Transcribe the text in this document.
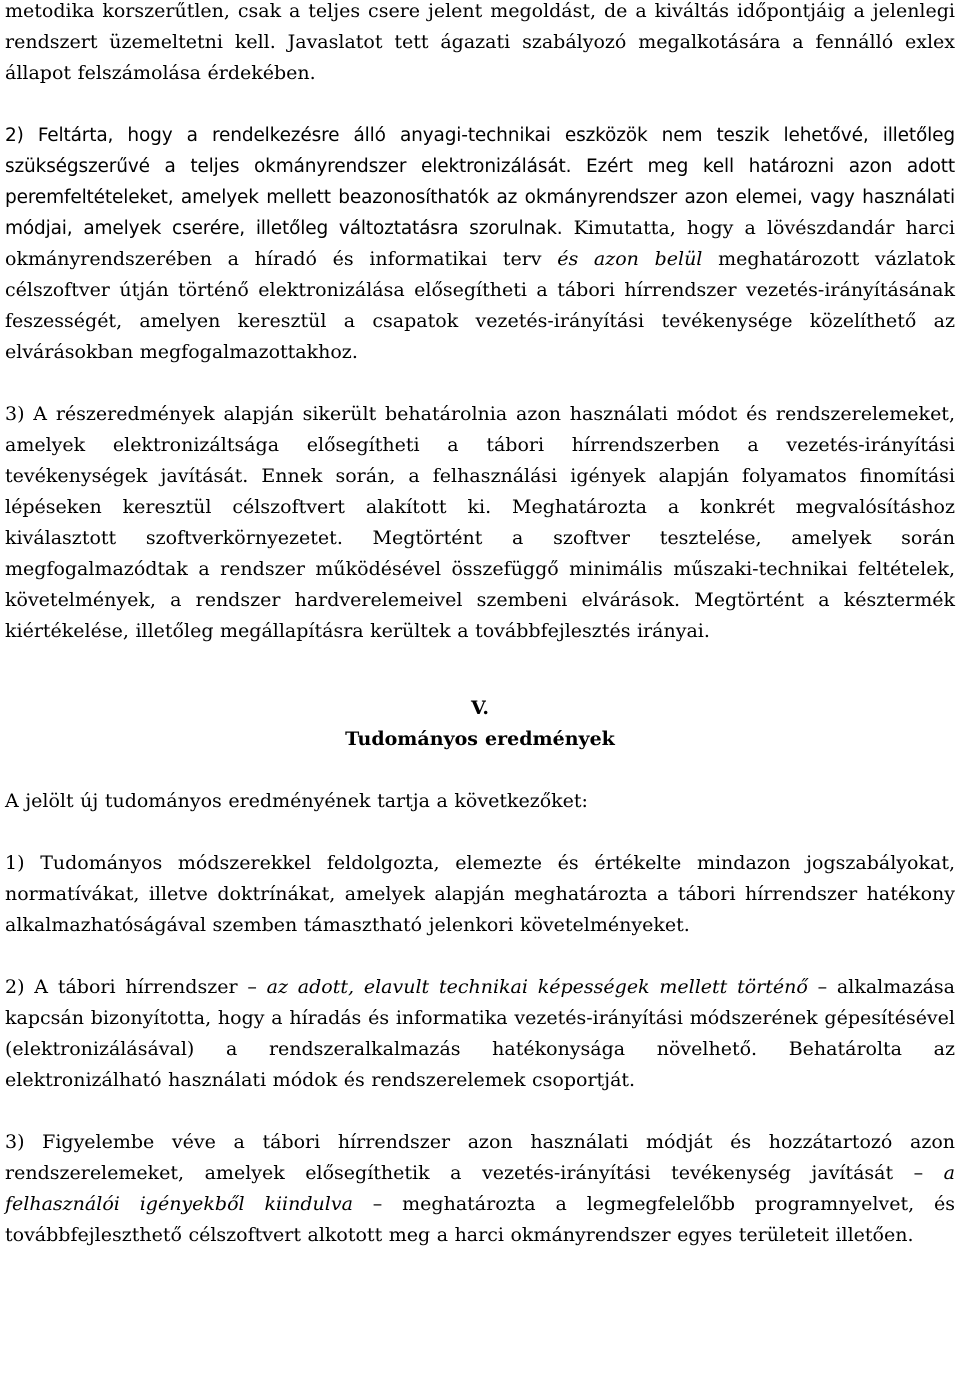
metodika korszerűtlen, csak a teljes csere jelent megoldást, de a kiváltás időpontjáig a jelenlegi rendszert üzemeltetni kell. Javaslatot tett ágazati szabályozó megalkotására a fennálló exlex állapot felszámolása érdekében.

2) Feltárta, hogy a rendelkezésre álló anyagi-technikai eszközök nem teszik lehetővé, illetőleg szükségszerűvé a teljes okmányrendszer elektronizálását. Ezért meg kell határozni azon adott peremfeltételeket, amelyek mellett beazonosíthatók az okmányrendszer azon elemei, vagy használati módjai, amelyek cserére, illetőleg változtatásra szorulnak. Kimutatta, hogy a lövészdandár harci okmányrendszerében a híradó és informatikai terv és azon belül meghatározott vázlatok célszoftver útján történő elektronizálása elősegítheti a tábori hírrendszer vezetés-irányításának feszességét, amelyen keresztül a csapatok vezetés-irányítási tevékenysége közelíthető az elvárásokban megfogalmazottakhoz.

3) A részeredmények alapján sikerült behatárolnia azon használati módot és rendszerelemeket, amelyek elektronizáltsága elősegítheti a tábori hírrendszerben a vezetés-irányítási tevékenységek javítását. Ennek során, a felhasználási igények alapján folyamatos finomítási lépéseken keresztül célszoftvert alakított ki. Meghatározta a konkrét megvalósításhoz kiválasztott szoftverkörnyezetet. Megtörtént a szoftver tesztelése, amelyek során megfogalmazódtak a rendszer működésével összefüggő minimális műszaki-technikai feltételek, követelmények, a rendszer hardverelemeivel szembeni elvárások. Megtörtént a késztermék kiértékelése, illetőleg megállapításra kerültek a továbbfejlesztés irányai.

V.

Tudományos eredmények

A jelölt új tudományos eredményének tartja a következőket:

1) Tudományos módszerekkel feldolgozta, elemezte és értékelte mindazon jogszabályokat, normatívákat, illetve doktrínákat, amelyek alapján meghatározta a tábori hírrendszer hatékony alkalmazhatóságával szemben támasztható jelenkori követelményeket.

2) A tábori hírrendszer – az adott, elavult technikai képességek mellett történő – alkalmazása kapcsán bizonyította, hogy a híradás és informatika vezetés-irányítási módszerének gépesítésével (elektronizálásával) a rendszeralkalmazás hatékonysága növelhető. Behatárolta az elektronizálható használati módok és rendszerelemek csoportját.

3) Figyelembe véve a tábori hírrendszer azon használati módját és hozzátartozó azon rendszerelemeket, amelyek elősegíthetik a vezetés-irányítási tevékenység javítását – a felhasználói igényekből kiindulva – meghatározta a legmegfelelőbb programnyelvet, és továbbfejleszthető célszoftvert alkotott meg a harci okmányrendszer egyes területeit illetően.
